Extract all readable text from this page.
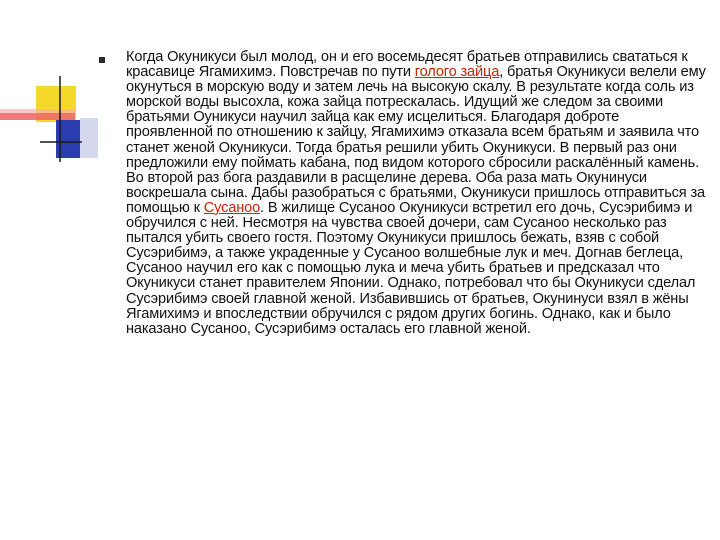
Когда Окуникуси был молод, он и его восемьдесят братьев отправились свататься к красавице Ягамихимэ. Повстречав по пути голого зайца, братья Окуникуси велели ему окунуться в морскую воду и затем лечь на высокую скалу. В результате когда соль из морской воды высохла, кожа зайца потрескалась. Идущий же следом за своими братьями Оуникуси научил зайца как ему исцелиться. Благодаря доброте проявленной по отношению к зайцу, Ягамихимэ отказала всем братьям и заявила что станет женой Окуникуси. Тогда братья решили убить Окуникуси. В первый раз они предложили ему поймать кабана, под видом которого сбросили раскалённый камень. Во второй раз бога раздавили в расщелине дерева. Оба раза мать Окунинуси воскрешала сына. Дабы разобраться с братьями, Окуникуси пришлось отправиться за помощью к Сусаноо. В жилище Сусаноо Окуникуси встретил его дочь, Сусэрибимэ и обручился с ней. Несмотря на чувства своей дочери, сам Сусаноо несколько раз пытался убить своего гостя. Поэтому Окуникуси пришлось бежать, взяв с собой Сусэрибимэ, а также украденные у Сусаноо волшебные лук и меч. Догнав беглеца, Сусаноо научил его как с помощью лука и меча убить братьев и предсказал что Окуникуси станет правителем Японии. Однако, потребовал что бы Окуникуси сделал Сусэрибимэ своей главной женой. Избавившись от братьев, Окунинуси взял в жёны Ягамихимэ и впоследствии обручился с рядом других богинь. Однако, как и было наказано Сусаноо, Сусэрибимэ осталась его главной женой.
